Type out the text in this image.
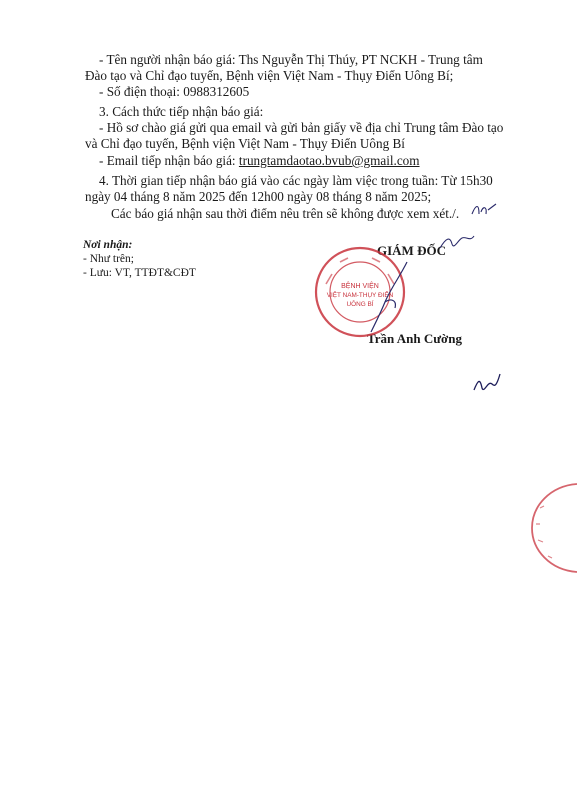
- Tên người nhận báo giá: Ths Nguyễn Thị Thúy, PT NCKH - Trung tâm
Đào tạo và Chỉ đạo tuyến, Bệnh viện Việt Nam - Thụy Điển Uông Bí;
- Số điện thoại: 0988312605
3. Cách thức tiếp nhận báo giá:
- Hồ sơ chào giá gửi qua email và gửi bản giấy về địa chỉ Trung tâm Đào tạo
và Chỉ đạo tuyến, Bệnh viện Việt Nam - Thụy Điển Uông Bí
- Email tiếp nhận báo giá: trungtamdaotao.bvub@gmail.com
4. Thời gian tiếp nhận báo giá vào các ngày làm việc trong tuần: Từ 15h30
ngày 04 tháng 8 năm 2025 đến 12h00 ngày 08 tháng 8 năm 2025;
Các báo giá nhận sau thời điểm nêu trên sẽ không được xem xét./.
Nơi nhận:
- Như trên;
- Lưu: VT, TTĐT&CĐT
GIÁM ĐỐC
Trần Anh Cường
BỆNH VIỆN
VIỆT NAM-THỤY ĐIỂN
UÔNG BÍ
